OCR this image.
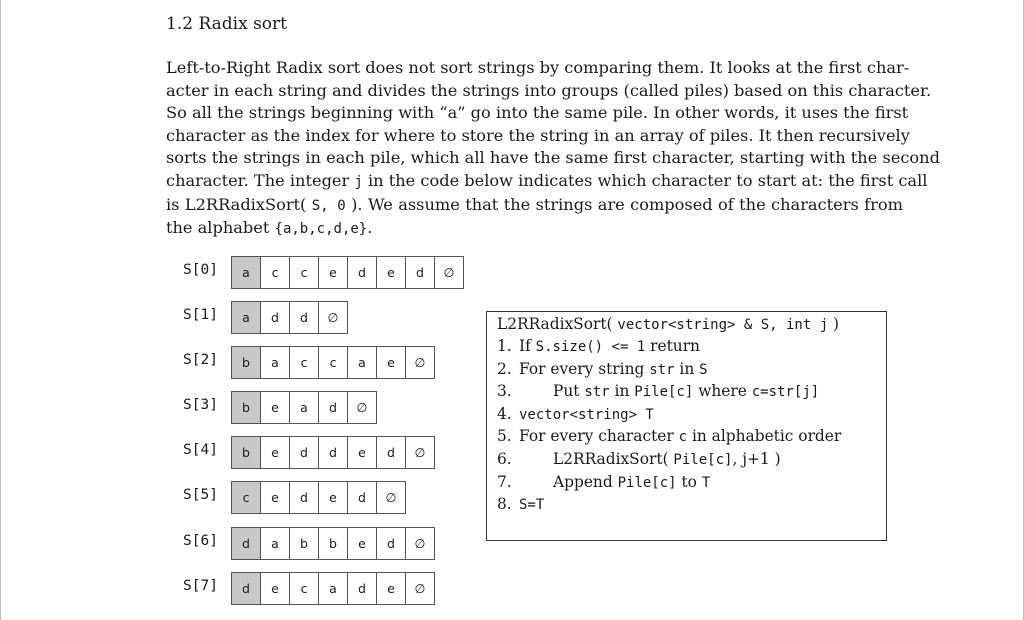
1.2 Radix sort
Left-to-Right Radix sort does not sort strings by comparing them. It looks at the first char-
acter in each string and divides the strings into groups (called piles) based on this character.
So all the strings beginning with “a” go into the same pile. In other words, it uses the first
character as the index for where to store the string in an array of piles. It then recursively
sorts the strings in each pile, which all have the same first character, starting with the second
character. The integer j in the code below indicates which character to start at: the first call
is L2RRadixSort( S, 0 ). We assume that the strings are composed of the characters from
the alphabet {a,b,c,d,e}.
S[0]	a	c	c	e	d	e	d	∅
S[1]	a	d	d	∅
S[2]	b	a	c	c	a	e	∅
S[3]	b	e	a	d	∅
S[4]	b	e	d	d	e	d	∅
S[5]	c	e	d	e	d	∅
S[6]	d	a	b	b	e	d	∅
S[7]	d	e	c	a	d	e	∅
L2RRadixSort( vector<string> & S, int j )
1. If S.size() <= 1 return
2. For every string str in S
3.	Put str in Pile[c] where c=str[j]
4. vector<string> T
5. For every character c in alphabetic order
6.	L2RRadixSort( Pile[c], j+1 )
7.	Append Pile[c] to T
8. S=T
